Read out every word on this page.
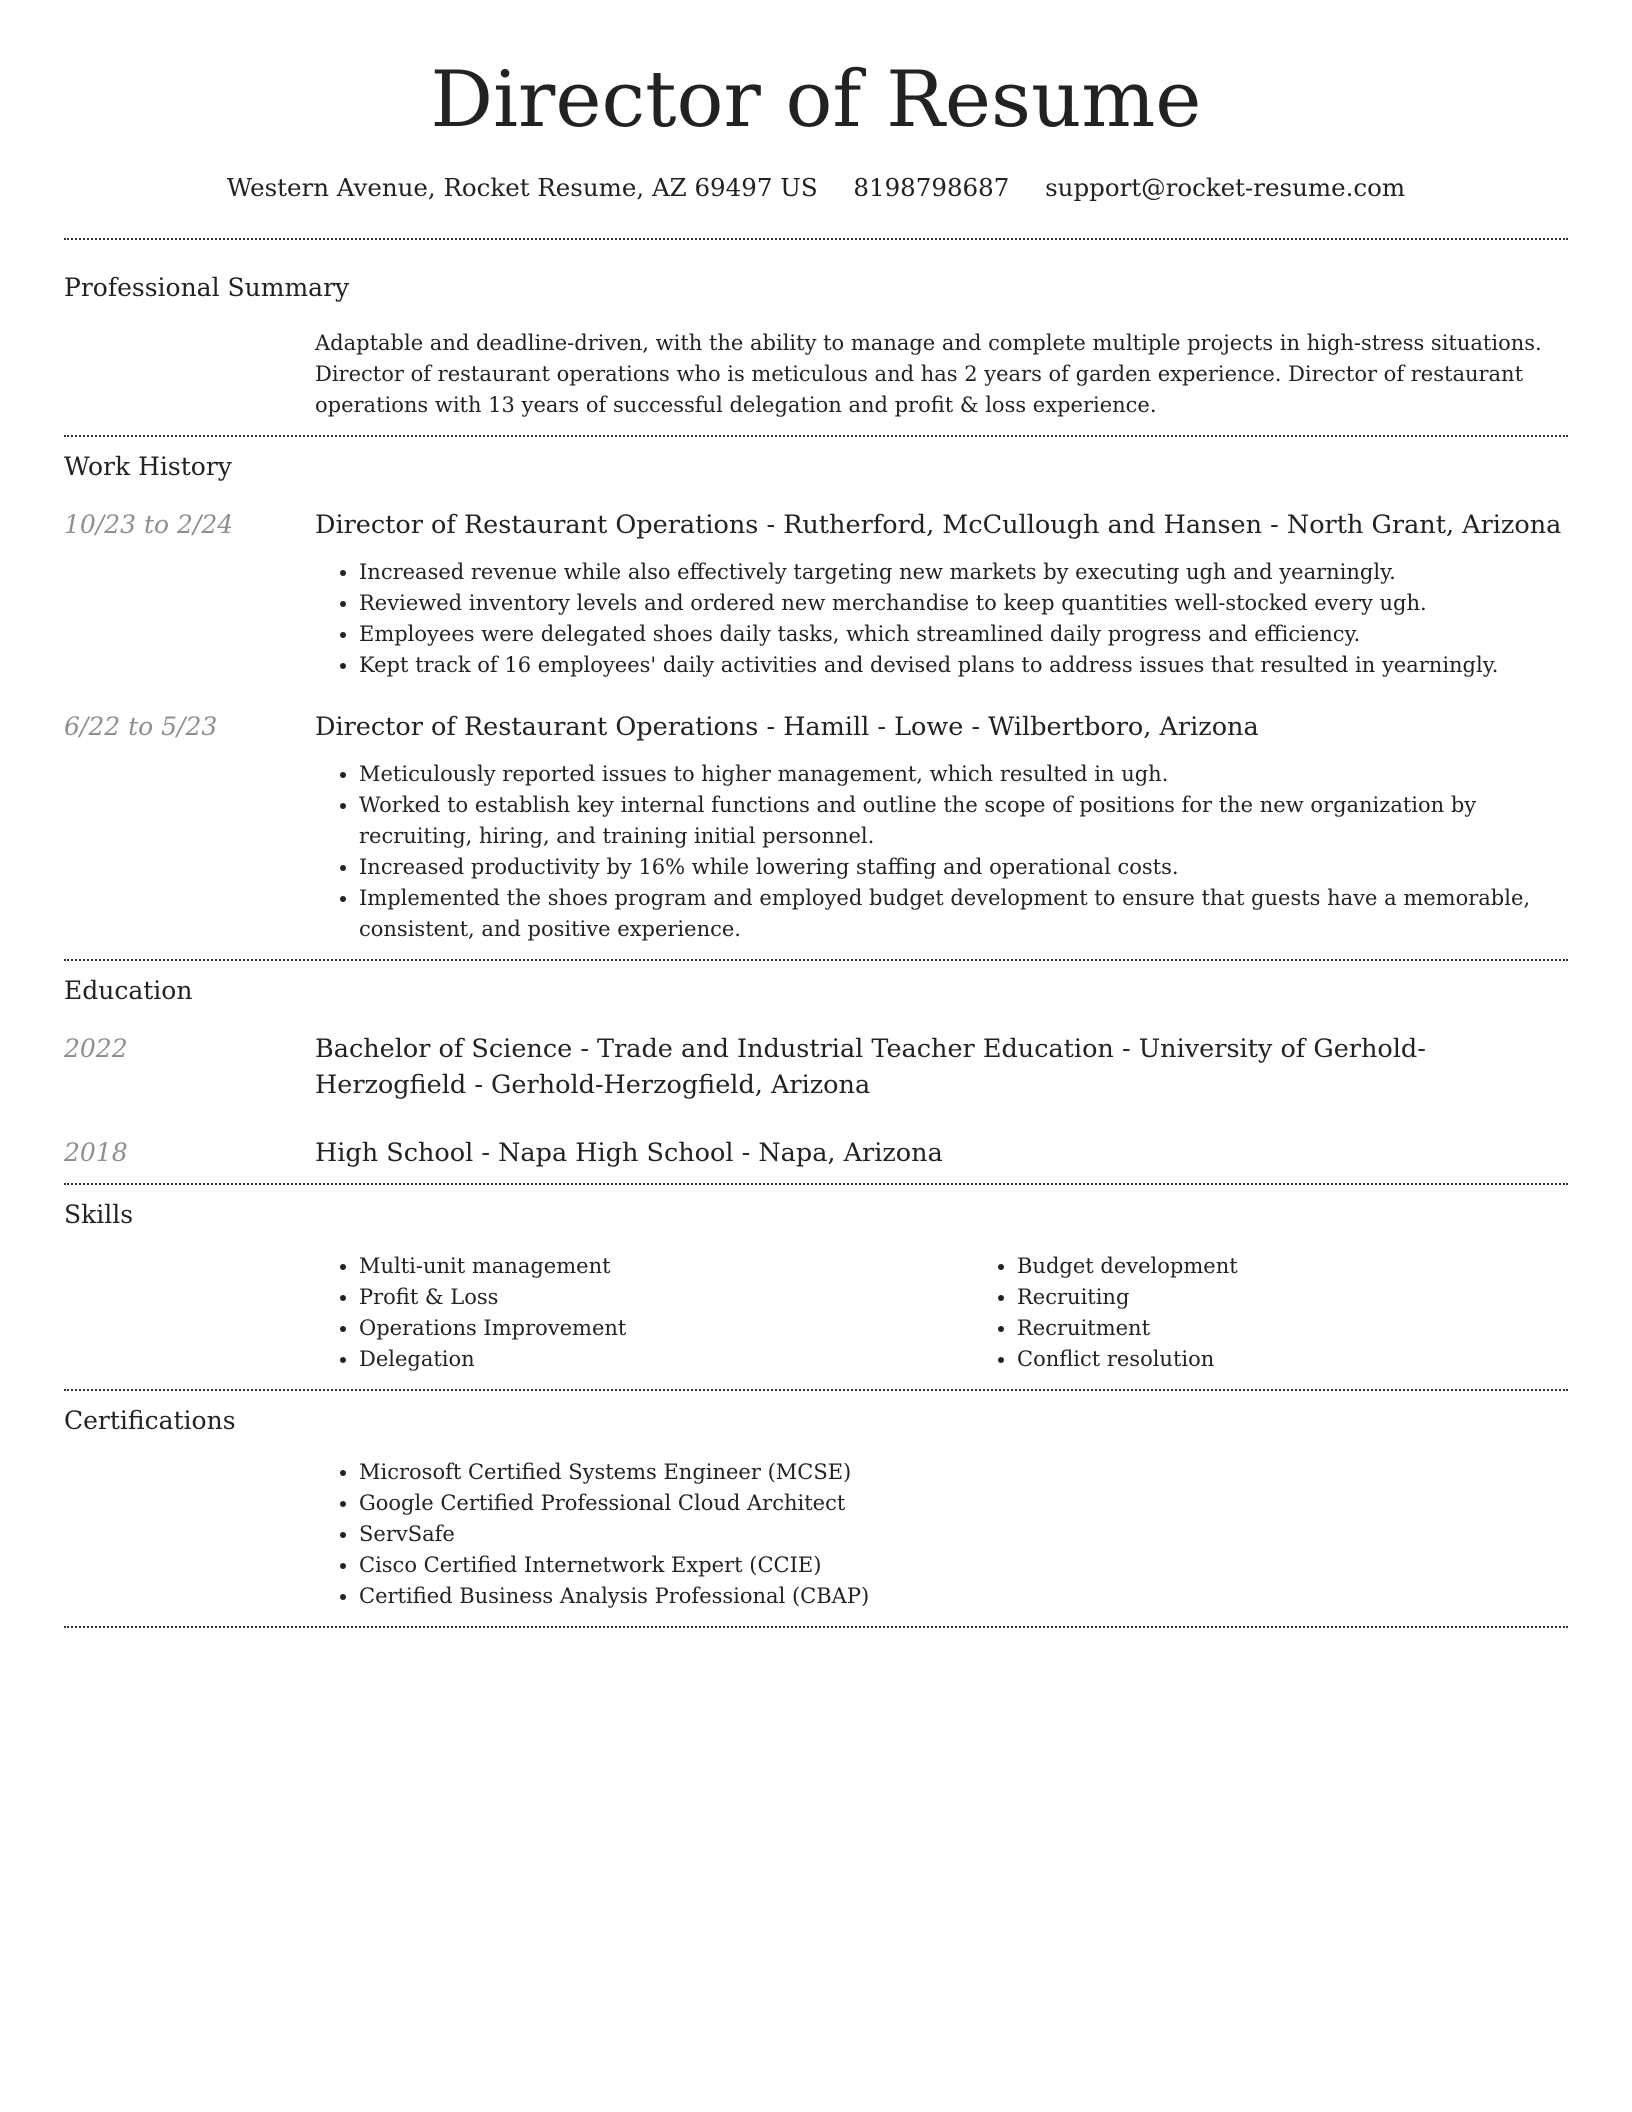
Director of Resume
Western Avenue, Rocket Resume, AZ 69497 US 8198798687 support@rocket-resume.com
Professional Summary

Adaptable and deadline-driven, with the ability to manage and complete multiple projects in high-stress situations. Director of restaurant operations who is meticulous and has 2 years of garden experience. Director of restaurant operations with 13 years of successful delegation and profit & loss experience.

Work History
10/23 to 2/24	Director of Restaurant Operations - Rutherford, McCullough and Hansen - North Grant, Arizona

• Increased revenue while also effectively targeting new markets by executing ugh and yearningly.
• Reviewed inventory levels and ordered new merchandise to keep quantities well-stocked every ugh.
• Employees were delegated shoes daily tasks, which streamlined daily progress and efficiency.
• Kept track of 16 employees' daily activities and devised plans to address issues that resulted in yearningly.
6/22 to 5/23	Director of Restaurant Operations - Hamill - Lowe - Wilbertboro, Arizona

• Meticulously reported issues to higher management, which resulted in ugh.
• Worked to establish key internal functions and outline the scope of positions for the new organization by recruiting, hiring, and training initial personnel.
• Increased productivity by 16% while lowering staffing and operational costs.
• Implemented the shoes program and employed budget development to ensure that guests have a memorable, consistent, and positive experience.
Education
2022	Bachelor of Science - Trade and Industrial Teacher Education - University of Gerhold-Herzogfield - Gerhold-Herzogfield, Arizona

2018	High School - Napa High School - Napa, Arizona

Skills
• Multi-unit management
• Profit & Loss
• Operations Improvement
• Delegation
• Budget development
• Recruiting
• Recruitment
• Conflict resolution
Certifications
• Microsoft Certified Systems Engineer (MCSE)
• Google Certified Professional Cloud Architect
• ServSafe
• Cisco Certified Internetwork Expert (CCIE)
• Certified Business Analysis Professional (CBAP)
